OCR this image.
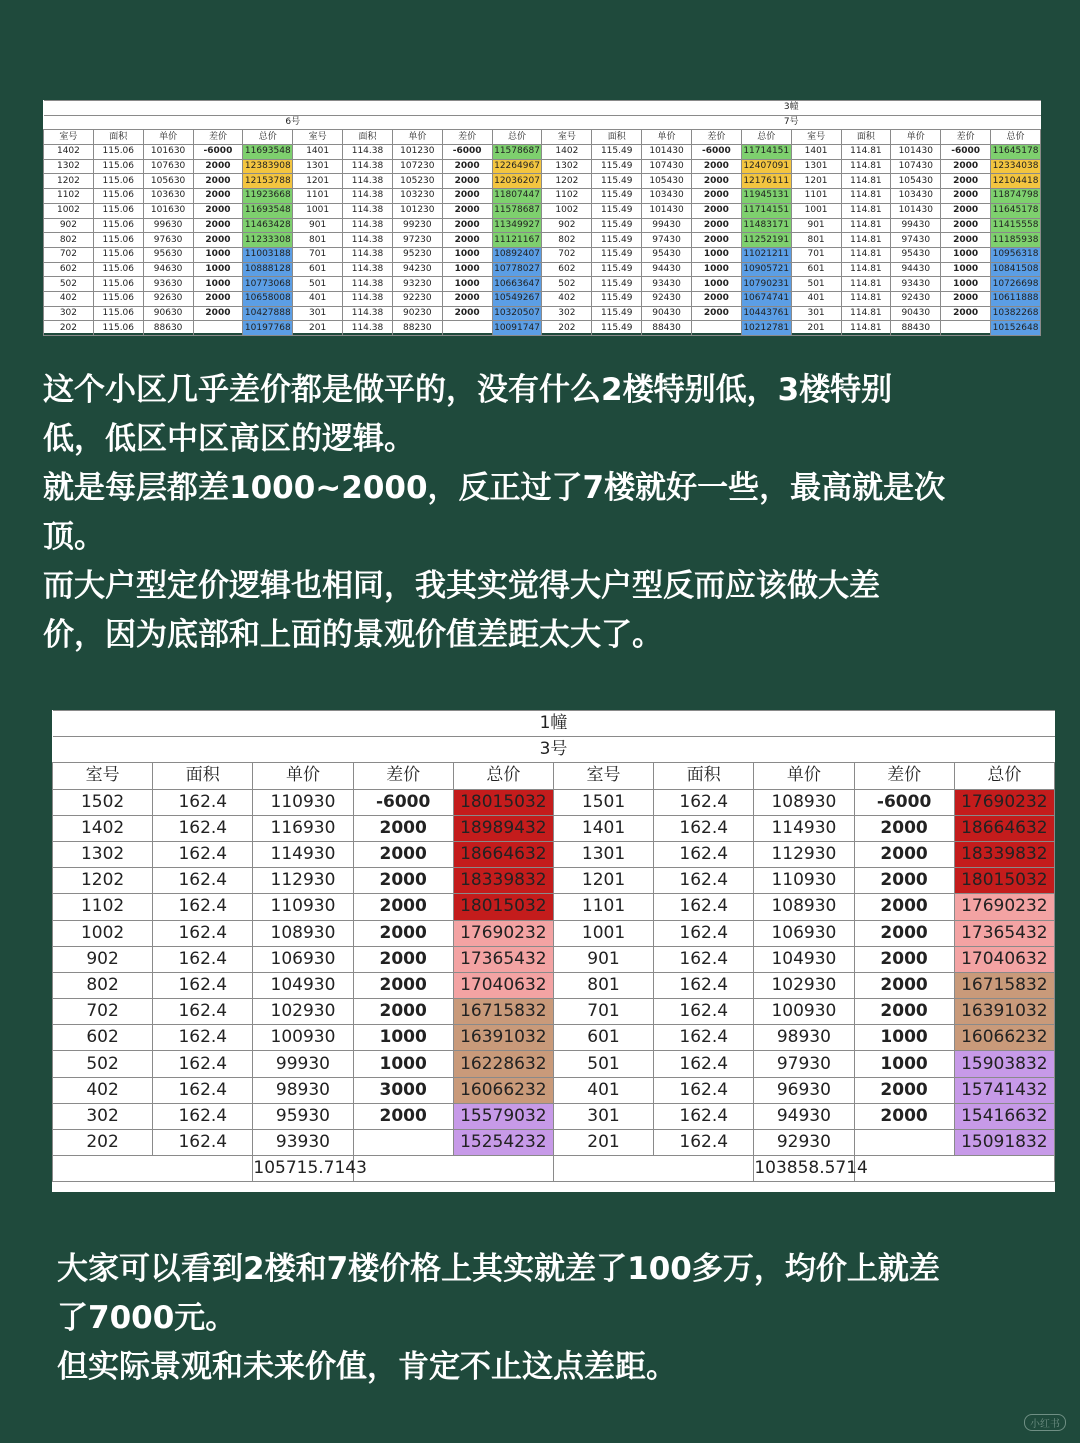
										3幢									
6号										7号									
室号	面积	单价	差价	总价	室号	面积	单价	差价	总价	室号	面积	单价	差价	总价	室号	面积	单价	差价	总价
1402	115.06	101630	-6000	11693548	1401	114.38	101230	-6000	11578687	1402	115.49	101430	-6000	11714151	1401	114.81	101430	-6000	11645178
1302	115.06	107630	2000	12383908	1301	114.38	107230	2000	12264967	1302	115.49	107430	2000	12407091	1301	114.81	107430	2000	12334038
1202	115.06	105630	2000	12153788	1201	114.38	105230	2000	12036207	1202	115.49	105430	2000	12176111	1201	114.81	105430	2000	12104418
1102	115.06	103630	2000	11923668	1101	114.38	103230	2000	11807447	1102	115.49	103430	2000	11945131	1101	114.81	103430	2000	11874798
1002	115.06	101630	2000	11693548	1001	114.38	101230	2000	11578687	1002	115.49	101430	2000	11714151	1001	114.81	101430	2000	11645178
902	115.06	99630	2000	11463428	901	114.38	99230	2000	11349927	902	115.49	99430	2000	11483171	901	114.81	99430	2000	11415558
802	115.06	97630	2000	11233308	801	114.38	97230	2000	11121167	802	115.49	97430	2000	11252191	801	114.81	97430	2000	11185938
702	115.06	95630	1000	11003188	701	114.38	95230	1000	10892407	702	115.49	95430	1000	11021211	701	114.81	95430	1000	10956318
602	115.06	94630	1000	10888128	601	114.38	94230	1000	10778027	602	115.49	94430	1000	10905721	601	114.81	94430	1000	10841508
502	115.06	93630	1000	10773068	501	114.38	93230	1000	10663647	502	115.49	93430	1000	10790231	501	114.81	93430	1000	10726698
402	115.06	92630	2000	10658008	401	114.38	92230	2000	10549267	402	115.49	92430	2000	10674741	401	114.81	92430	2000	10611888
302	115.06	90630	2000	10427888	301	114.38	90230	2000	10320507	302	115.49	90430	2000	10443761	301	114.81	90430	2000	10382268
202	115.06	88630		10197768	201	114.38	88230		10091747	202	115.49	88430		10212781	201	114.81	88430		10152648

这个小区几乎差价都是做平的，没有什么2楼特别低，3楼特别
低，低区中区高区的逻辑。
就是每层都差1000~2000，反正过了7楼就好一些，最高就是次
顶。
而大户型定价逻辑也相同，我其实觉得大户型反而应该做大差
价，因为底部和上面的景观价值差距太大了。

1幢									
3号									
室号	面积	单价	差价	总价	室号	面积	单价	差价	总价
1502	162.4	110930	-6000	18015032	1501	162.4	108930	-6000	17690232
1402	162.4	116930	2000	18989432	1401	162.4	114930	2000	18664632
1302	162.4	114930	2000	18664632	1301	162.4	112930	2000	18339832
1202	162.4	112930	2000	18339832	1201	162.4	110930	2000	18015032
1102	162.4	110930	2000	18015032	1101	162.4	108930	2000	17690232
1002	162.4	108930	2000	17690232	1001	162.4	106930	2000	17365432
902	162.4	106930	2000	17365432	901	162.4	104930	2000	17040632
802	162.4	104930	2000	17040632	801	162.4	102930	2000	16715832
702	162.4	102930	2000	16715832	701	162.4	100930	2000	16391032
602	162.4	100930	1000	16391032	601	162.4	98930	1000	16066232
502	162.4	99930	1000	16228632	501	162.4	97930	1000	15903832
402	162.4	98930	3000	16066232	401	162.4	96930	2000	15741432
302	162.4	95930	2000	15579032	301	162.4	94930	2000	15416632
202	162.4	93930		15254232	201	162.4	92930		15091832
		105715.7143					103858.5714		

大家可以看到2楼和7楼价格上其实就差了100多万，均价上就差
了7000元。
但实际景观和未来价值，肯定不止这点差距。

小红书
